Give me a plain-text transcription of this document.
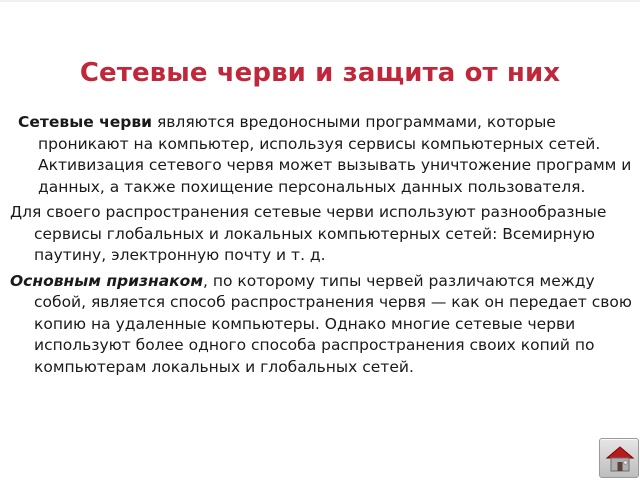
Сетевые черви и защита от них

Сетевые черви являются вредоносными программами, которые проникают на компьютер, используя сервисы компьютерных сетей. Активизация сетевого червя может вызывать уничтожение программ и данных, а также похищение персональных данных пользователя.

Для своего распространения сетевые черви используют разнообразные сервисы глобальных и локальных компьютерных сетей: Всемирную паутину, электронную почту и т. д.

Основным признаком, по которому типы червей различаются между собой, является способ распространения червя — как он передает свою копию на удаленные компьютеры. Однако многие сетевые черви используют более одного способа распространения своих копий по компьютерам локальных и глобальных сетей.
